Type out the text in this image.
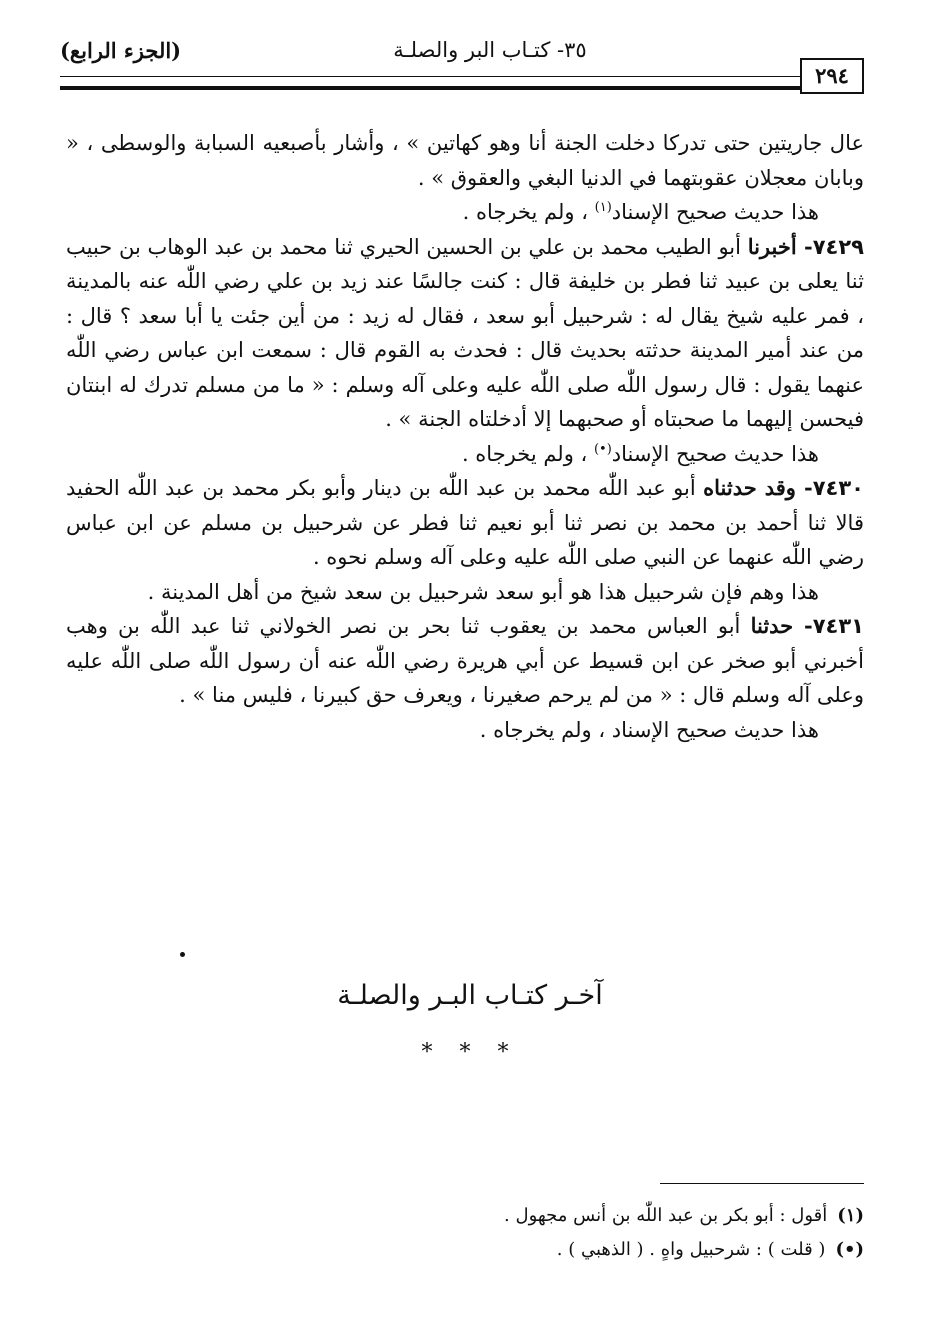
(الجزء الرابع)	٣٥- كتـاب البر والصلـة
٢٩٤

عال جاريتين حتى تدركا دخلت الجنة أنا وهو كهاتين » ، وأشار بأصبعيه السبابة والوسطى ، « وبابان معجلان عقوبتهما في الدنيا البغي والعقوق » .

هذا حديث صحيح الإسناد$^{(١)}$ ، ولم يخرجاه .

٧٤٢٩- أخبرنا أبو الطيب محمد بن علي بن الحسين الحيري ثنا محمد بن عبد الوهاب بن حبيب ثنا يعلى بن عبيد ثنا فطر بن خليفة قال : كنت جالسًا عند زيد بن علي رضي اللّٰه عنه بالمدينة ، فمر عليه شيخ يقال له : شرحبيل أبو سعد ، فقال له زيد : من أين جئت يا أبا سعد ؟ قال : من عند أمير المدينة حدثته بحديث قال : فحدث به القوم قال : سمعت ابن عباس رضي اللّٰه عنهما يقول : قال رسول اللّٰه صلى اللّٰه عليه وعلى آله وسلم : « ما من مسلم تدرك له ابنتان فيحسن إليهما ما صحبتاه أو صحبهما إلا أدخلتاه الجنة » .

هذا حديث صحيح الإسناد(•) ، ولم يخرجاه .

٧٤٣٠- وقد حدثناه أبو عبد اللّٰه محمد بن عبد اللّٰه بن دينار وأبو بكر محمد بن عبد اللّٰه الحفيد قالا ثنا أحمد بن محمد بن نصر ثنا أبو نعيم ثنا فطر عن شرحبيل بن مسلم عن ابن عباس رضي اللّٰه عنهما عن النبي صلى اللّٰه عليه وعلى آله وسلم نحوه .

هذا وهم فإن شرحبيل هذا هو أبو سعد شرحبيل بن سعد شيخ من أهل المدينة .

٧٤٣١- حدثنا أبو العباس محمد بن يعقوب ثنا بحر بن نصر الخولاني ثنا عبد اللّٰه بن وهب أخبرني أبو صخر عن ابن قسيط عن أبي هريرة رضي اللّٰه عنه أن رسول اللّٰه صلى اللّٰه عليه وعلى آله وسلم قال : « من لم يرحم صغيرنا ، ويعرف حق كبيرنا ، فليس منا » .

هذا حديث صحيح الإسناد ، ولم يخرجاه .

آخـر كتـاب البـر والصلـة
* * *
(١)أقول : أبو بكر بن عبد اللّٰه بن أنس مجهول .
(•)( قلت ) : شرحبيل واهٍ . ( الذهبي ) .
